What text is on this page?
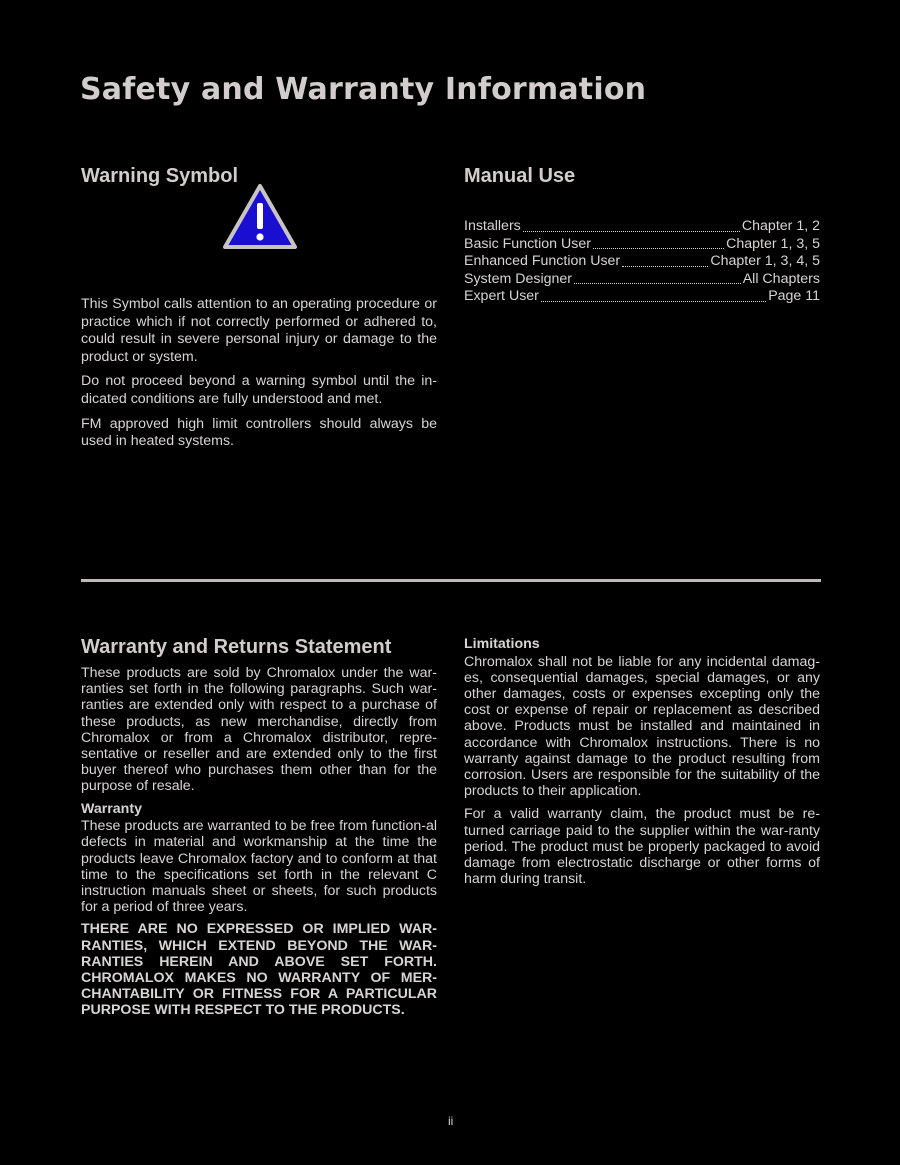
Safety and Warranty Information
Warning Symbol

This Symbol calls attention to an operating procedure or practice which if not correctly performed or adhered to, could result in severe personal injury or damage to the product or system.

Do not proceed beyond a warning symbol until the in-dicated conditions are fully understood and met.

FM approved high limit controllers should always be used in heated systems.

Manual Use
Installers	Chapter 1, 2
Basic Function User	Chapter 1, 3, 5
Enhanced Function User	Chapter 1, 3, 4, 5
System Designer	All Chapters
Expert User	Page 11
Warranty and Returns Statement

These products are sold by Chromalox under the war-ranties set forth in the following paragraphs. Such war-ranties are extended only with respect to a purchase of these products, as new merchandise, directly from Chromalox or from a Chromalox distributor, repre-sentative or reseller and are extended only to the first buyer thereof who purchases them other than for the purpose of resale.

Warranty

These products are warranted to be free from function-al defects in material and workmanship at the time the products leave Chromalox factory and to conform at that time to the specifications set forth in the relevant C instruction manuals sheet or sheets, for such products for a period of three years.

THERE ARE NO EXPRESSED OR IMPLIED WAR-RANTIES, WHICH EXTEND BEYOND THE WAR-RANTIES HEREIN AND ABOVE SET FORTH. CHROMALOX MAKES NO WARRANTY OF MER-CHANTABILITY OR FITNESS FOR A PARTICULAR PURPOSE WITH RESPECT TO THE PRODUCTS.

Limitations

Chromalox shall not be liable for any incidental damag-es, consequential damages, special damages, or any other damages, costs or expenses excepting only the cost or expense of repair or replacement as described above. Products must be installed and maintained in accordance with Chromalox instructions. There is no warranty against damage to the product resulting from corrosion. Users are responsible for the suitability of the products to their application.

For a valid warranty claim, the product must be re-turned carriage paid to the supplier within the war-ranty period. The product must be properly packaged to avoid damage from electrostatic discharge or other forms of harm during transit.

ii
